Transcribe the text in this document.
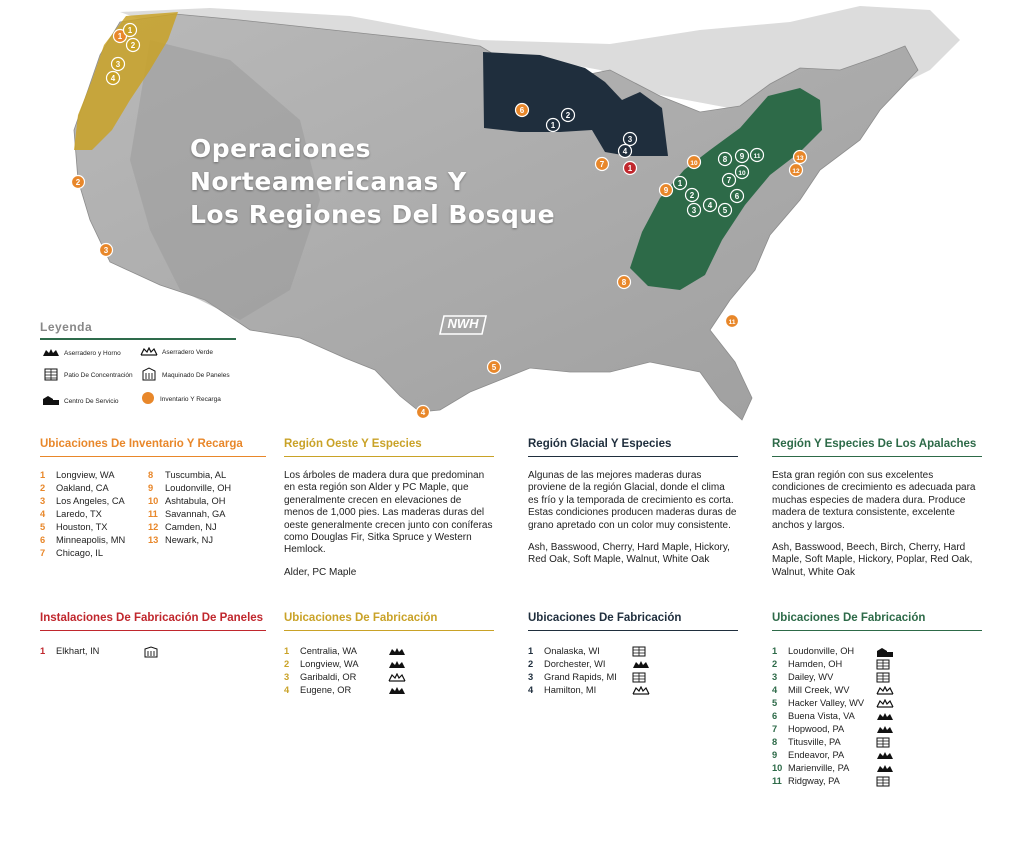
Operaciones
Norteamericanas Y
Los Regiones Del Bosque
NWH
1
2
3
4
5
6
7
8
9
10
11
12
13
1
2
3
4
1
2
3
4
1
1
2
3
4
5
6
7
8 9
10
11
Leyenda
Aserradero y Horno	Aserradero Verde
Patio De Concentración	Maquinado De Paneles
Centro De Servicio	Inventario Y Recarga
Ubicaciones De Inventario Y Recarga
1 Longview, WA
2 Oakland, CA
3 Los Angeles, CA
4 Laredo, TX
5 Houston, TX
6 Minneapolis, MN
7 Chicago, IL
8 Tuscumbia, AL
9 Loudonville, OH
10 Ashtabula, OH
11 Savannah, GA
12 Camden, NJ
13 Newark, NJ
Instalaciones De Fabricación De Paneles
1	Elkhart, IN
Región Oeste Y Especies
Los árboles de madera dura que predominan en esta región son Alder y PC Maple, que generalmente crecen en elevaciones de menos de 1,000 pies. Las maderas duras del oeste generalmente crecen junto con coníferas como Douglas Fir, Sitka Spruce y Western Hemlock.
Alder, PC Maple
Ubicaciones De Fabricación
1	Centralia, WA
2	Longview, WA
3	Garibaldi, OR
4	Eugene, OR
Región Glacial Y Especies
Algunas de las mejores maderas duras proviene de la región Glacial, donde el clima es frío y la temporada de crecimiento es corta. Estas condiciones producen maderas duras de grano apretado con un color muy consistente.
Ash, Basswood, Cherry, Hard Maple, Hickory, Red Oak, Soft Maple, Walnut, White Oak
Ubicaciones De Fabricación
1	Onalaska, WI
2	Dorchester, WI
3	Grand Rapids, MI
4	Hamilton, MI
Región Y Especies De Los Apalaches
Esta gran región con sus excelentes condiciones de crecimiento es adecuada para muchas especies de madera dura. Produce madera de textura consistente, excelente anchos y largos.
Ash, Basswood, Beech, Birch, Cherry, Hard Maple, Soft Maple, Hickory, Poplar, Red Oak, Walnut, White Oak
Ubicaciones De Fabricación
1	Loudonville, OH
2	Hamden, OH
3	Dailey, WV
4	Mill Creek, WV
5	Hacker Valley, WV
6	Buena Vista, VA
7	Hopwood, PA
8	Titusville, PA
9	Endeavor, PA
10 Marienville, PA
11 Ridgway, PA
